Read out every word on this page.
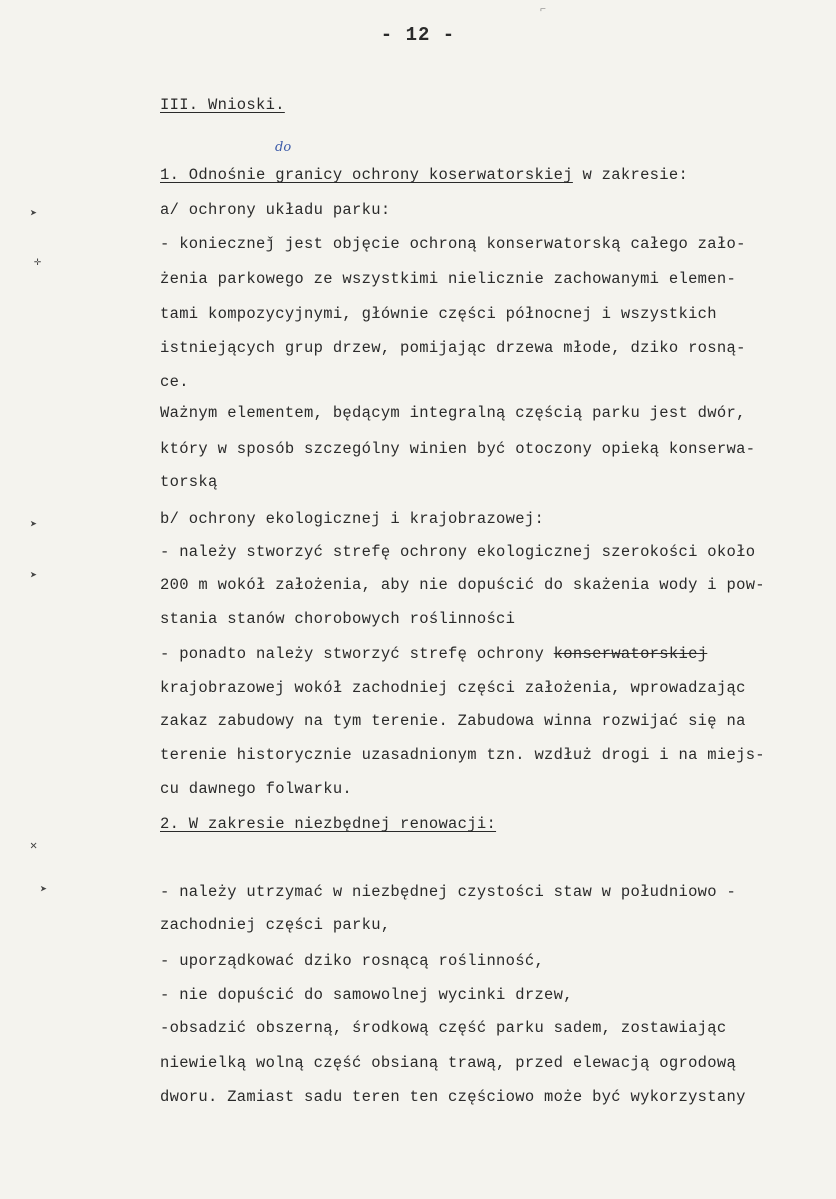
- 12 -
III. Wnioski.
do
1. Odnośnie granicy ochrony koserwatorskiej w zakresie:
a/ ochrony układu parku:
- konieczneǰ jest objęcie ochroną konserwatorską całego zało-
żenia parkowego ze wszystkimi nielicznie zachowanymi elemen-
tami kompozycyjnymi, głównie części północnej i wszystkich
istniejących grup drzew, pomijając drzewa młode, dziko rosną-
ce.
Ważnym elementem, będącym integralną częścią parku jest dwór,
który w sposób szczególny winien być otoczony opieką konserwa-
torską
b/ ochrony ekologicznej i krajobrazowej:
- należy stworzyć strefę ochrony ekologicznej szerokości około
200 m wokół założenia, aby nie dopuścić do skażenia wody i pow-
stania stanów chorobowych roślinności
- ponadto należy stworzyć strefę ochrony konserwatorskiej
krajobrazowej wokół zachodniej części założenia, wprowadzając
zakaz zabudowy na tym terenie. Zabudowa winna rozwijać się na
terenie historycznie uzasadnionym tzn. wzdłuż drogi i na miejs-
cu dawnego folwarku.
2. W zakresie niezbędnej renowacji:
- należy utrzymać w niezbędnej czystości staw w południowo -
zachodniej części parku,
- uporządkować dziko rosnącą roślinność,
- nie dopuścić do samowolnej wycinki drzew,
-obsadzić obszerną, środkową część parku sadem, zostawiając
niewielką wolną część obsianą trawą, przed elewacją ogrodową
dworu. Zamiast sadu teren ten częściowo może być wykorzystany
➤
✛
➤
➤
✕
➤
⌐
